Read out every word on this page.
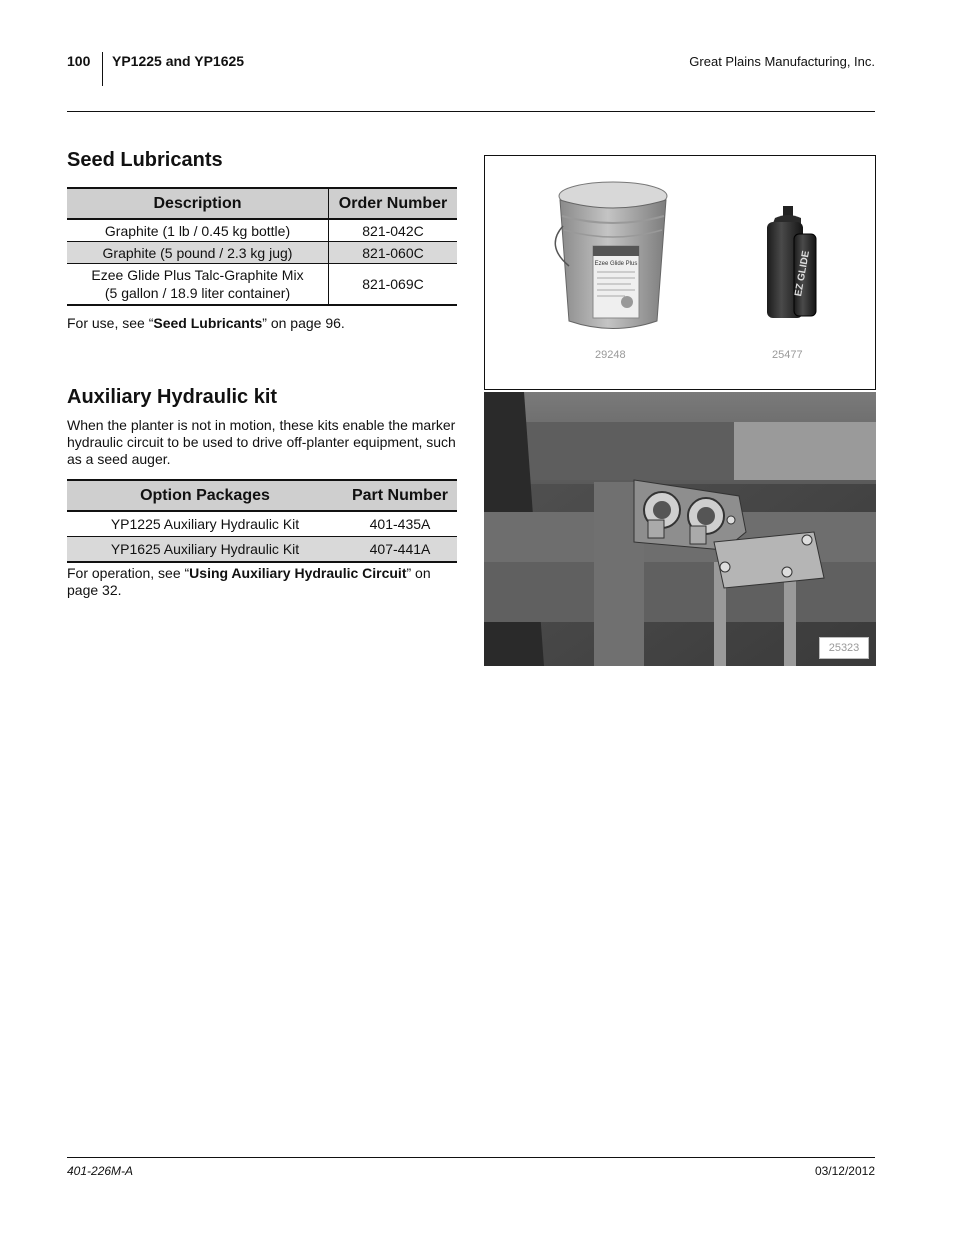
100 YP1225 and YP1625	Great Plains Manufacturing, Inc.
Seed Lubricants
Description	Order Number
Graphite (1 lb / 0.45 kg bottle)	821-042C
Graphite (5 pound / 2.3 kg jug)	821-060C

Ezee Glide Plus Talc-Graphite Mix
(5 gallon / 18.9 liter container)	821-069C
For use, see “Seed Lubricants” on page 96.
Auxiliary Hydraulic kit
When the planter is not in motion, these kits enable the marker hydraulic circuit to be used to drive off-planter equipment, such as a seed auger.
Option Packages	Part Number
YP1225 Auxiliary Hydraulic Kit	401-435A
YP1625 Auxiliary Hydraulic Kit	407-441A
For operation, see “Using Auxiliary Hydraulic Circuit” on page 32.
Ezee Glide Plus	EZ GLIDE
29248	25477
25323
401-226M-A	03/12/2012
